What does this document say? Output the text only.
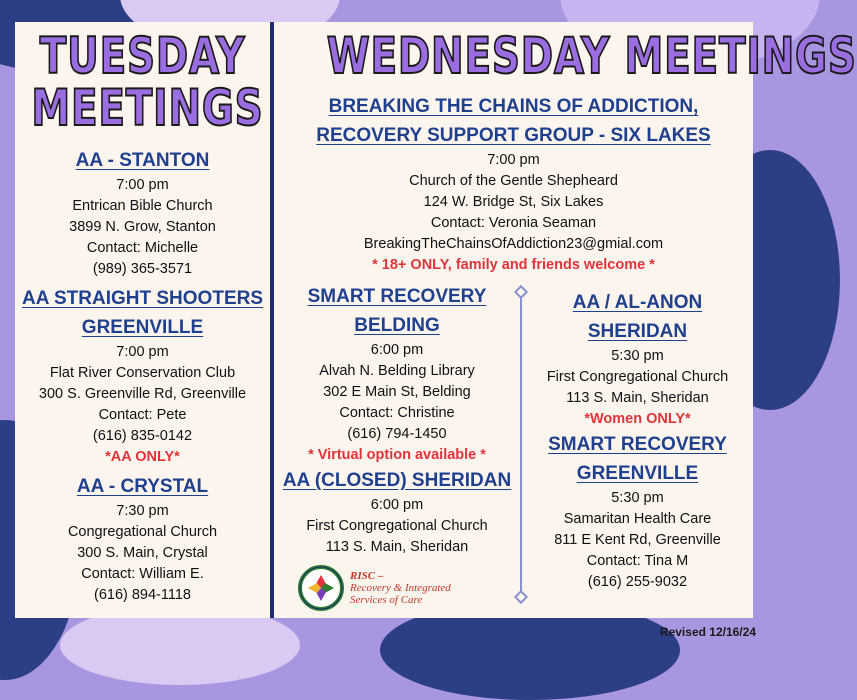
TUESDAY
MEETINGS
AA - STANTON
7:00 pm
Entrican Bible Church
3899 N. Grow, Stanton
Contact: Michelle
(989) 365-3571
AA STRAIGHT SHOOTERS
GREENVILLE
7:00 pm
Flat River Conservation Club
300 S. Greenville Rd, Greenville
Contact: Pete
(616) 835-0142
*AA ONLY*
AA - CRYSTAL
7:30 pm
Congregational Church
300 S. Main, Crystal
Contact: William E.
(616) 894-1118
WEDNESDAY MEETINGS
BREAKING THE CHAINS OF ADDICTION,
RECOVERY SUPPORT GROUP - SIX LAKES
7:00 pm
Church of the Gentle Shepheard
124 W. Bridge St, Six Lakes
Contact: Veronia Seaman
BreakingTheChainsOfAddiction23@gmial.com
* 18+ ONLY, family and friends welcome *
SMART RECOVERY
BELDING
6:00 pm
Alvah N. Belding Library
302 E Main St, Belding
Contact: Christine
(616) 794-1450
* Virtual option available *
AA (CLOSED) SHERIDAN
6:00 pm
First Congregational Church
113 S. Main, Sheridan
AA / AL-ANON
SHERIDAN
5:30 pm
First Congregational Church
113 S. Main, Sheridan
*Women ONLY*
SMART RECOVERY
GREENVILLE
5:30 pm
Samaritan Health Care
811 E Kent Rd, Greenville
Contact: Tina M
(616) 255-9032
RISC –
Recovery & Integrated
Services of Care
Revised 12/16/24
